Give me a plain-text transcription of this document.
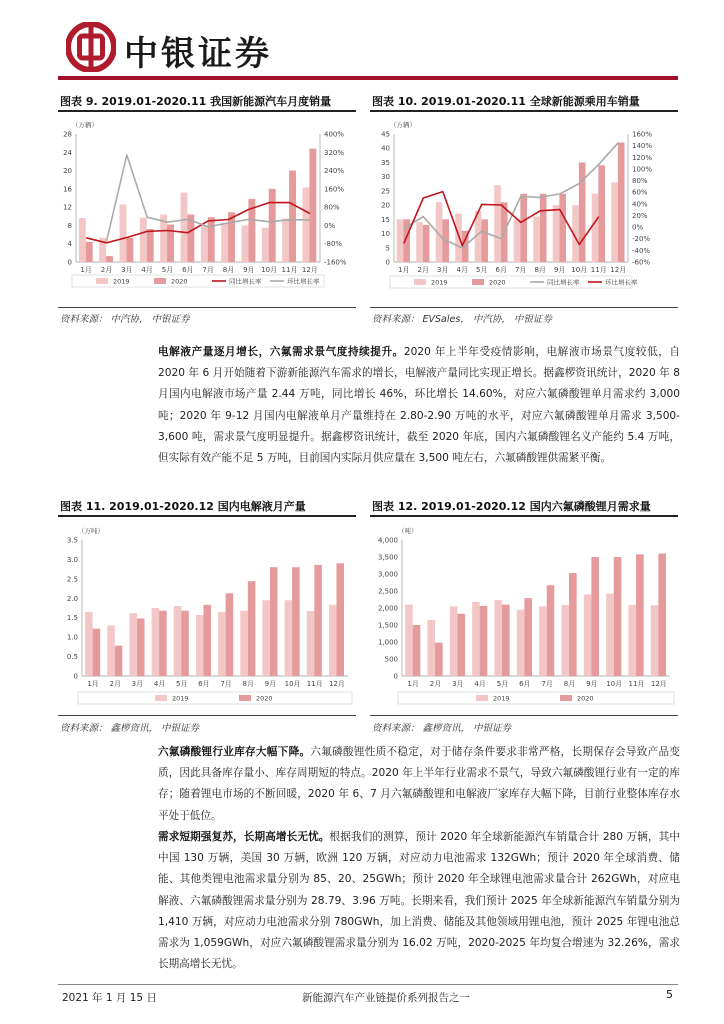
中银证券
图表 9. 2019.01-2020.11 我国新能源汽车月度销量
（万辆）
0
4
8
12
16
20
24
28
-160%
-80%
0%
80%
160%
240%
320%
400%
1月 2月 3月 4月 5月 6月 7月 8月 9月 10月 11月 12月
2019	2020	同比增长率	环比增长率
资料来源： 中汽协， 中银证券
图表 10. 2019.01-2020.11 全球新能源乘用车销量
（万辆）
0
5
10
15
20
25
30
35
40
45
-60%
-40%
-20%
0%
20%
40%
60%
80%
100%
120%
140%
160%
1月 2月 3月 4月 5月 6月 7月 8月 9月 10月 11月 12月
2019	2020	同比增长率	环比增长率
资料来源： EVSales， 中汽协， 中银证券
电解液产量逐月增长，六氟需求景气度持续提升。2020 年上半年受疫情影响，电解液市场景气度较低，自 2020 年 6 月开始随着下游新能源汽车需求的增长，电解液产量同比实现正增长。据鑫椤资讯统计，2020 年 8 月国内电解液市场产量 2.44 万吨，同比增长 46%，环比增长 14.60%，对应六氟磷酸锂单月需求约 3,000 吨；2020 年 9-12 月国内电解液单月产量维持在 2.80-2.90 万吨的水平，对应六氟磷酸锂单月需求 3,500-3,600 吨，需求景气度明显提升。据鑫椤资讯统计，截至 2020 年底，国内六氟磷酸锂名义产能约 5.4 万吨，但实际有效产能不足 5 万吨，目前国内实际月供应量在 3,500 吨左右，六氟磷酸锂供需紧平衡。
图表 11. 2019.01-2020.12 国内电解液月产量
（万吨）
0
0.5
1.0
1.5
2.0
2.5
3.0
3.5
1月 2月 3月 4月 5月 6月 7月 8月 9月 10月 11月 12月
2019	2020
资料来源： 鑫椤资讯， 中银证券
图表 12. 2019.01-2020.12 国内六氟磷酸锂月需求量
（吨）
0
500
1,000
1,500
2,000
2,500
3,000
3,500
4,000
1月 2月 3月 4月 5月 6月 7月 8月 9月 10月 11月 12月
2019	2020
资料来源： 鑫椤资讯， 中银证券
六氟磷酸锂行业库存大幅下降。六氟磷酸锂性质不稳定，对于储存条件要求非常严格，长期保存会导致产品变质，因此具备库存量小、库存周期短的特点。2020 年上半年行业需求不景气，导致六氟磷酸锂行业有一定的库存；随着锂电市场的不断回暖，2020 年 6、7 月六氟磷酸锂和电解液厂家库存大幅下降，目前行业整体库存水平处于低位。
需求短期强复苏，长期高增长无忧。根据我们的测算，预计 2020 年全球新能源汽车销量合计 280 万辆，其中中国 130 万辆，美国 30 万辆，欧洲 120 万辆，对应动力电池需求 132GWh；预计 2020 年全球消费、储能、其他类锂电池需求量分别为 85、20、25GWh；预计 2020 年全球锂电池需求量合计 262GWh，对应电解液、六氟磷酸锂需求量分别为 28.79、3.96 万吨。长期来看，我们预计 2025 年全球新能源汽车销量分别为 1,410 万辆，对应动力电池需求分别 780GWh，加上消费、储能及其他领域用锂电池，预计 2025 年锂电池总需求为 1,059GWh，对应六氟磷酸锂需求量分别为 16.02 万吨，2020-2025 年均复合增速为 32.26%，需求长期高增长无忧。
2021 年 1 月 15 日	新能源汽车产业链提价系列报告之一	5
